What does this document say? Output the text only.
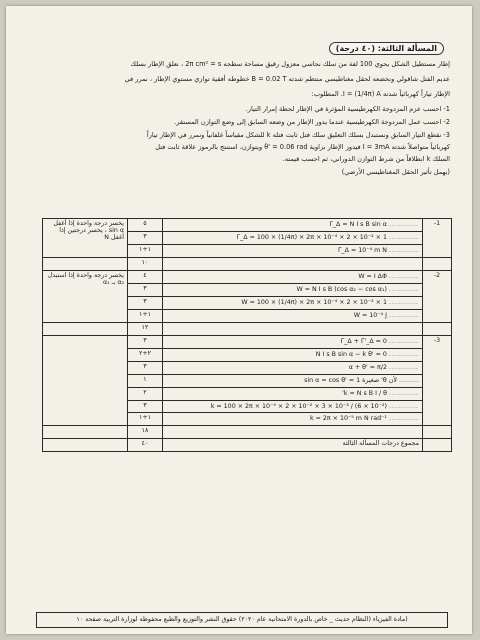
المسألة الثالثة: (٤٠ درجة)
إطار مستطيل الشكل يحوي 100 لفة من سلك نحاسي معزول رقيق مساحة سطحه 2π cm² = s ، نعلق الإطار بسلك
عديم الفتل شاقولي ونخضعه لحقل مغناطيسي منتظم شدته B = 0.02 T خطوطه أفقية توازي مستوي الإطار ، نمرر في
الإطار تياراً كهربائياً شدته I = (1/4π) A. المطلوب:
1- احسب عزم المزدوجة الكهرطيسية المؤثرة في الإطار لحظة إمرار التيار.
2- احسب عمل المزدوجة الكهرطيسية عندما يدور الإطار من وضعه السابق إلى وضع التوازن المستقر.
3- نقطع التيار السابق ونستبدل بسلك التعليق سلك فتل ثابت فتله k للشكل مقياساً غلفانياً ونمرر في الإطار تياراً
كهربائياً متواصلاً شدته I = 3mA فيدور الإطار بزاوية θ' = 0.06 rad ويتوازن، استنتج بالرموز علاقة ثابت فتل
السلك k انطلاقاً من شرط التوازن الدوراني، ثم احسب قيمته.
(يهمل تأثير الحقل المغناطيسي الأرضي)
1-	.......... Γ_Δ = N I s B sin α	٥	يخسر درجة واحدة إذا أغفل sin α ، يخسر درجتين إذا أغفل N

	.......... Γ_Δ = 100 × (1/4π) × 2π × 10⁻⁴ × 2 × 10⁻² × 1	٣	

	.......... Γ_Δ = 10⁻⁴ m N	١+١	
		١٠	
2-	.......... W = I ΔΦ	٤	يخسر درجة واحدة إذا استبدل α₂ بـ α₁

	.......... W = N I s B (cos α₂ − cos α₁)	٣	

	.......... W = 100 × (1/4π) × 2π × 10⁻⁴ × 2 × 10⁻² × 1	٣	

	.......... W = 10⁻⁴ J	١+١	
		١٢	
3-	.......... Γ̄_Δ + Γ̄'_Δ = 0	٣	

	.......... N I s B sin α − k θ' = 0	٢+٢	

	.......... α + θ' = π/2	٣	

	.......... لأن θ' صغيرة sin α = cos θ' ≈ 1	١	

	.......... k = N s B I / θ'	٢	

	.......... k = 100 × 2π × 10⁻⁴ × 2 × 10⁻² × 3 × 10⁻³ / (6 × 10⁻²)	٣	

	.......... k = 2π × 10⁻⁵ m N rad⁻¹	١+١	
		١٨	
	مجموع درجات المسألة الثالثة	٤٠	
(مادة الفيزياء (النظام حديث _ خاص بالدورة الامتحانية عام ٢٠٢٠) حقوق النشر والتوزيع والطبع محفوظة لوزارة التربية صفحة ١٠
